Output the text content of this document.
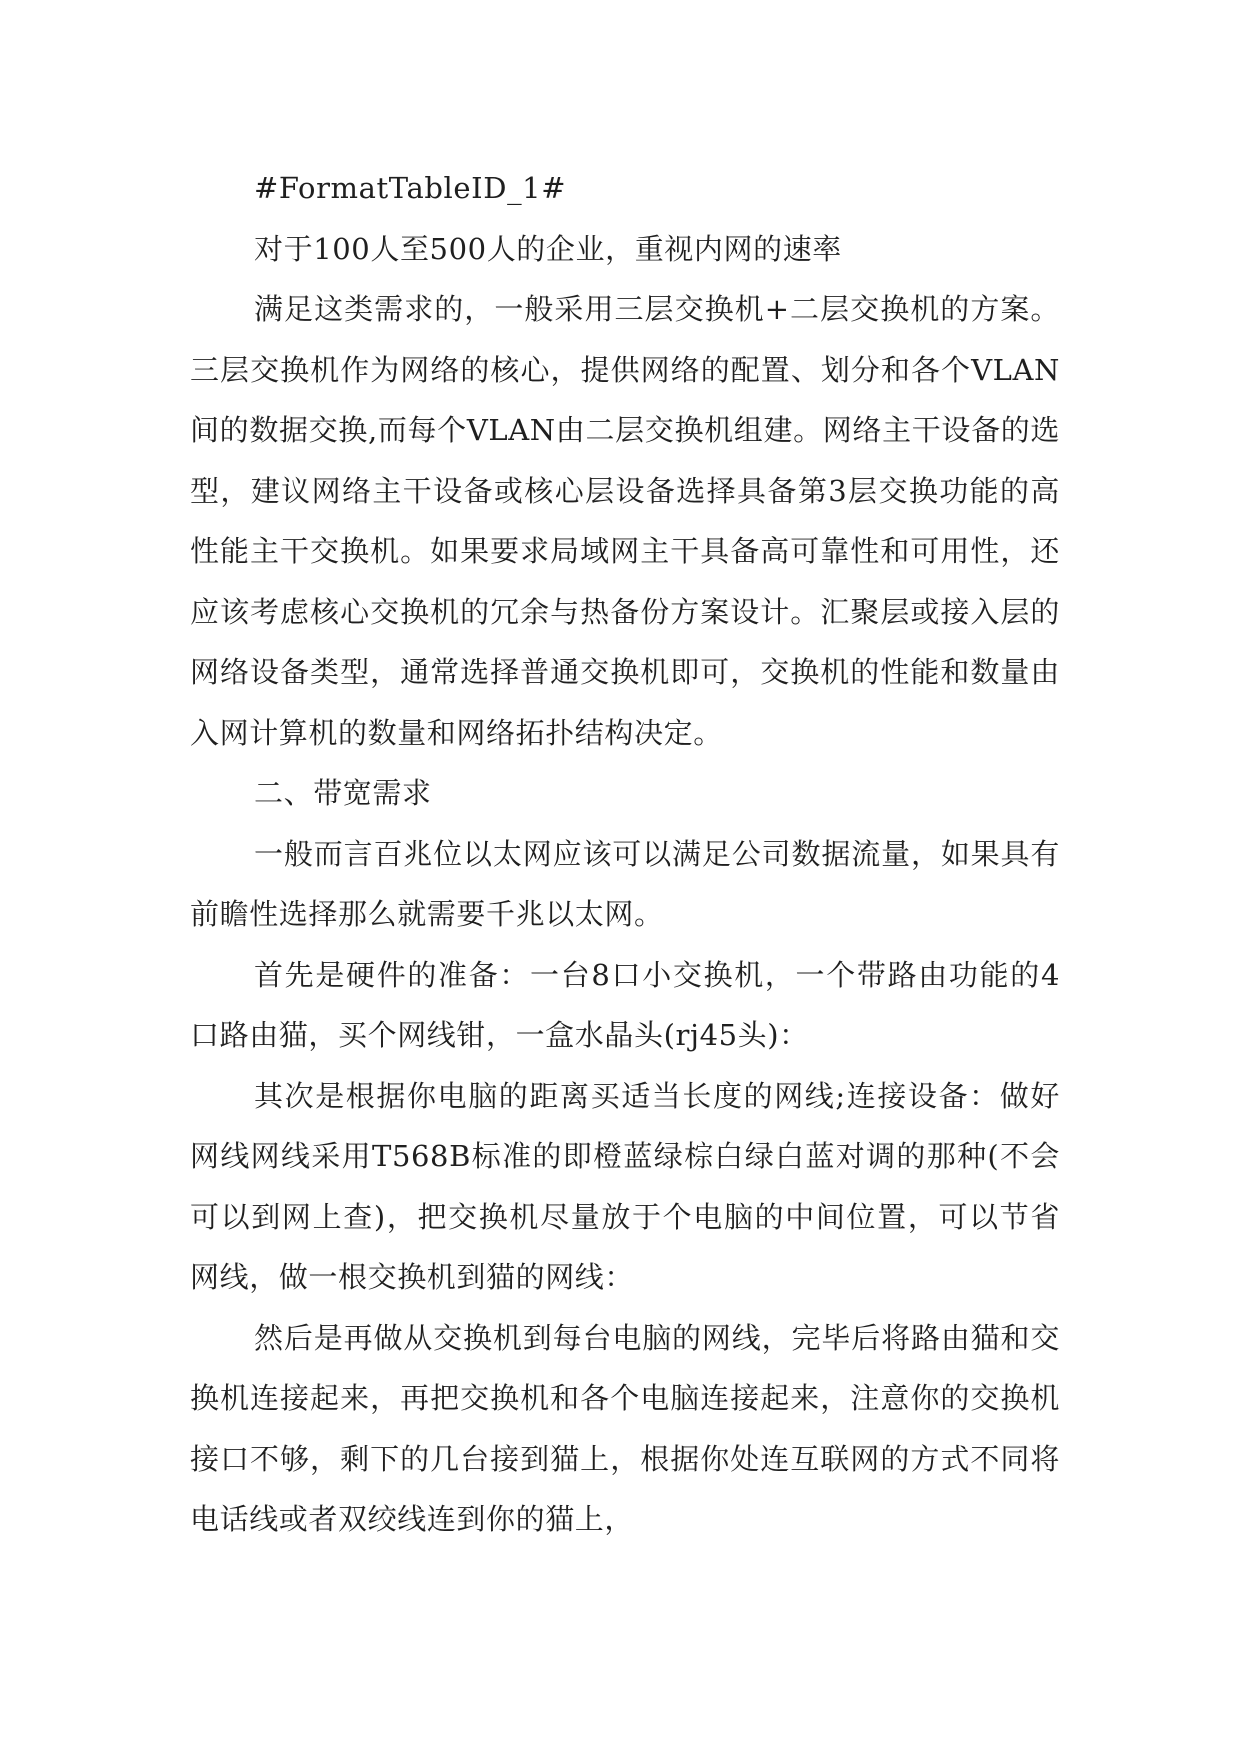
#FormatTableID_1#

对于100人至500人的企业，重视内网的速率

满足这类需求的，一般采用三层交换机+二层交换机的方案。三层交换机作为网络的核心，提供网络的配置、划分和各个VLAN间的数据交换,而每个VLAN由二层交换机组建。网络主干设备的选型，建议网络主干设备或核心层设备选择具备第3层交换功能的高性能主干交换机。如果要求局域网主干具备高可靠性和可用性，还应该考虑核心交换机的冗余与热备份方案设计。汇聚层或接入层的网络设备类型，通常选择普通交换机即可，交换机的性能和数量由入网计算机的数量和网络拓扑结构决定。

二、带宽需求

一般而言百兆位以太网应该可以满足公司数据流量，如果具有前瞻性选择那么就需要千兆以太网。

首先是硬件的准备：一台8口小交换机，一个带路由功能的4口路由猫，买个网线钳，一盒水晶头(rj45头)：

其次是根据你电脑的距离买适当长度的网线;连接设备：做好网线网线采用T568B标准的即橙蓝绿棕白绿白蓝对调的那种(不会可以到网上查)，把交换机尽量放于个电脑的中间位置，可以节省网线，做一根交换机到猫的网线：

然后是再做从交换机到每台电脑的网线，完毕后将路由猫和交换机连接起来，再把交换机和各个电脑连接起来，注意你的交换机接口不够，剩下的几台接到猫上，根据你处连互联网的方式不同将电话线或者双绞线连到你的猫上，
